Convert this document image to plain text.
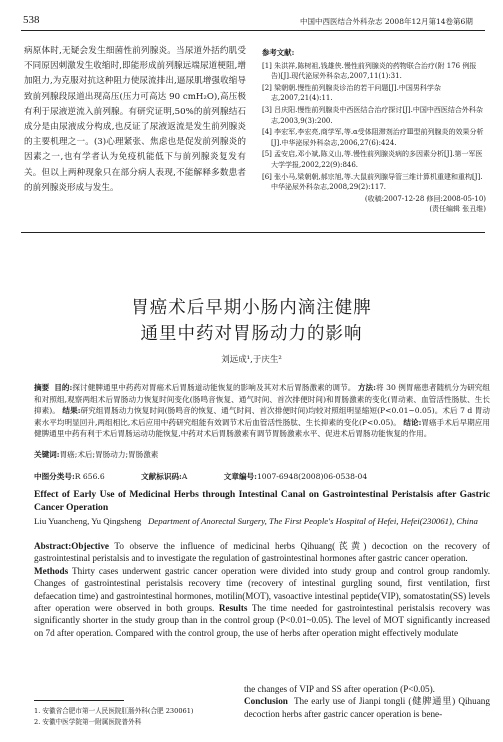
538	中国中西医结合外科杂志 2008年12月第14卷第6期

病原体时,无疑会发生细菌性前列腺炎。当尿道外括约肌受不同原因刺激发生收缩时,即能形成前列腺远端尿道梗阻,增加阻力,为克服对抗这种阻力使尿流排出,逼尿肌增强收缩导致前列腺段尿道出现高压(压力可高达 90 cmH₂O),高压极有利于尿液逆流入前列腺。有研究证明,50%的前列腺结石成分是由尿液成分构成,也反证了尿液返流是发生前列腺炎的主要机理之一。(3)心理紧张、焦虑也是促发前列腺炎的因素之一,也有学者认为免疫机能低下与前列腺炎复发有关。但以上两种现象只在部分病人表现,不能解释多数患者的前列腺炎形成与发生。

参考文献:
[1] 朱洪祥,陈树祖,钱雄侠.慢性前列腺炎的药物联合治疗(附 176 例报告)[J].现代泌尿外科杂志,2007,11(1):31.
[2] 梁朝朝.慢性前列腺炎诊治的若干问题[J].中国男科学杂志,2007,21(4):11.
[3] 吕庆阳.慢性前列腺炎中西医结合治疗探讨[J].中国中西医结合外科杂志,2003,9(3):200.
[4] 李宏军,李宏亮,商学军,等.α受体阻滞剂治疗Ⅲ型前列腺炎的效果分析[J].中华泌尿外科杂志,2006,27(6):424.
[5] 孟安启,邓小斌,陈义山,等.慢性前列腺炎病的多因素分析[J].第一军医大学学报,2002,22(9):846.
[6] 张小马,梁朝朝,郝宗旭,等.大鼠前列腺导管三维计算机重建和重构[J].中华泌尿外科杂志,2008,29(2):117.
(收稿:2007-12-28 修回:2008-05-10)
(责任编辑 张丑维)
胃癌术后早期小肠内滴注健脾
通里中药对胃肠动力的影响
刘远成¹,于庆生²
摘要 目的:探讨健脾通里中药药对胃癌术后胃肠道动能恢复的影响及其对术后胃肠激素的调节。 方法:将 30 例胃癌患者随机分为研究组和对照组,观察两组术后胃肠动力恢复时间变化(肠鸣音恢复、通气时间、首次排便时间)和胃肠激素的变化(胃动素、血管活性肠肽、生长抑素)。 结果:研究组胃肠动力恢复时间(肠鸣音的恢复、通气时间、首次排便时间)均较对照组明显缩短(P<0.01~0.05)。术后 7 d 胃动素水平均明显回升,两组相比,术后应用中药研究组能有效调节术后血管活性肠肽、生长抑素的变化(P<0.05)。 结论:胃癌手术后早期应用健脾通里中药有利于术后胃肠运动功能恢复,中药对术后胃肠激素有调节胃肠激素水平、促进术后胃肠功能恢复的作用。
关键词:胃癌;术后;胃肠动力;胃肠激素
中图分类号:R 656.6	文献标识码:A	文章编号:1007-6948(2008)06-0538-04
Effect of Early Use of Medicinal Herbs through Intestinal Canal on Gastrointestinal Peristalsis after Gastric Cancer Operation
Liu Yuancheng, Yu Qingsheng Department of Anorectal Surgery, The First People's Hospital of Hefei, Hefei(230061), China

Abstract:Objective To observe the influence of medicinal herbs Qihuang(芪黄) decoction on the recovery of gastrointestinal peristalsis and to investigate the regulation of gastrointestinal hormones after gastric cancer operation.

Methods Thirty cases underwent gastric cancer operation were divided into study group and control group randomly. Changes of gastrointestinal peristalsis recovery time (recovery of intestinal gurgling sound, first ventilation, first defaecation time) and gastrointestinal hormones, motilin(MOT), vasoactive intestinal peptide(VIP), somatostatin(SS) levels after operation were observed in both groups. Results The time needed for gastrointestinal peristalsis recovery was significantly shorter in the study group than in the control group (P<0.01~0.05). The level of MOT significantly increased on 7d after operation. Compared with the control group, the use of herbs after operation might effectively modulate

the changes of VIP and SS after operation (P<0.05).

Conclusion The early use of Jianpi tongli (健脾通里) Qihuang decoction herbs after gastric cancer operation is bene-

1. 安徽省合肥市第一人民医院肛肠外科(合肥 230061)
2. 安徽中医学院第一附属医院普外科
